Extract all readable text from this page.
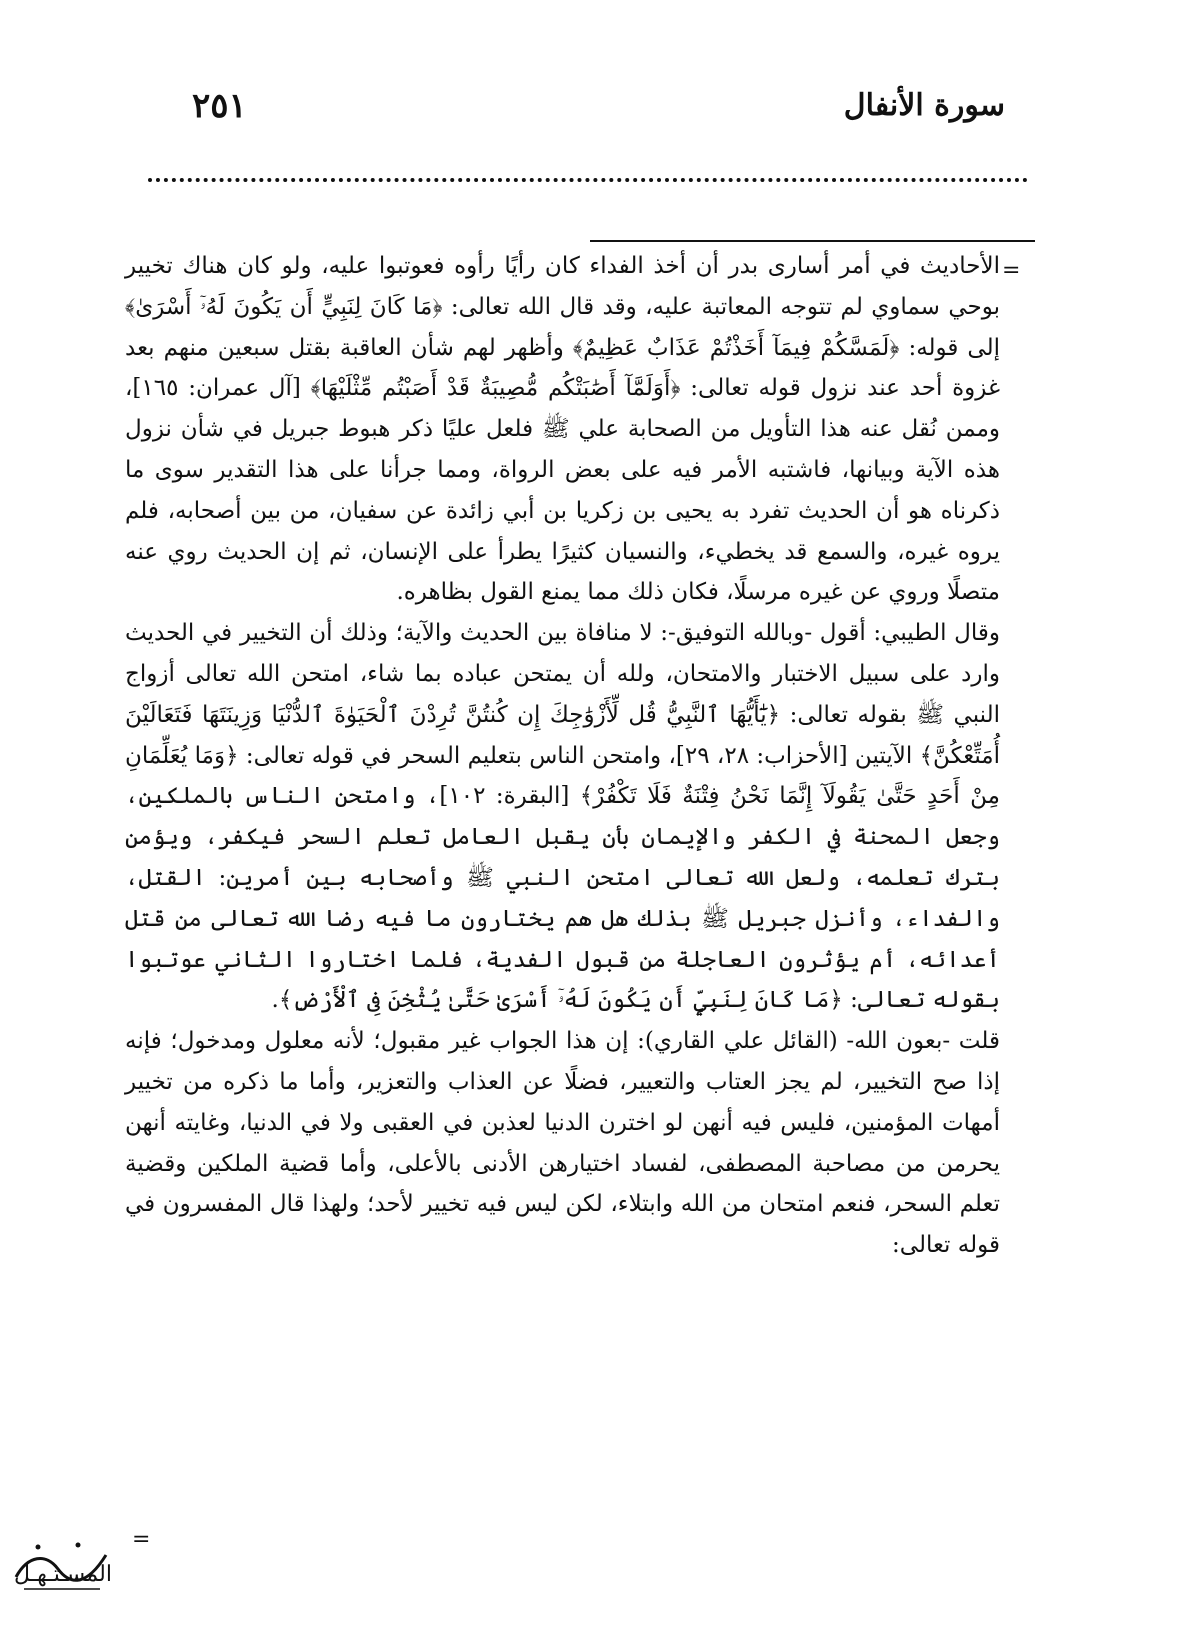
سورة الأنفال
٢٥١
=

الأحاديث في أمر أسارى بدر أن أخذ الفداء كان رأيًا رأوه فعوتبوا عليه، ولو كان هناك تخيير بوحي سماوي لم تتوجه المعاتبة عليه، وقد قال الله تعالى: ﴿مَا كَانَ لِنَبِيٍّ أَن يَكُونَ لَهُۥٓ أَسْرَىٰ﴾ إلى قوله: ﴿لَمَسَّكُمْ فِيمَآ أَخَذْتُمْ عَذَابٌ عَظِيمٌ﴾ وأظهر لهم شأن العاقبة بقتل سبعين منهم بعد غزوة أحد عند نزول قوله تعالى: ﴿أَوَلَمَّآ أَصَٰبَتْكُم مُّصِيبَةٌ قَدْ أَصَبْتُم مِّثْلَيْهَا﴾ [آل عمران: ١٦٥]، وممن نُقل عنه هذا التأويل من الصحابة علي ﷺ فلعل عليًا ذكر هبوط جبريل في شأن نزول هذه الآية وبيانها، فاشتبه الأمر فيه على بعض الرواة، ومما جرأنا على هذا التقدير سوى ما ذكرناه هو أن الحديث تفرد به يحيى بن زكريا بن أبي زائدة عن سفيان، من بين أصحابه، فلم يروه غيره، والسمع قد يخطيء، والنسيان كثيرًا يطرأ على الإنسان، ثم إن الحديث روي عنه متصلًا وروي عن غيره مرسلًا، فكان ذلك مما يمنع القول بظاهره.

وقال الطيبي: أقول -وبالله التوفيق-: لا منافاة بين الحديث والآية؛ وذلك أن التخيير في الحديث وارد على سبيل الاختبار والامتحان، ولله أن يمتحن عباده بما شاء، امتحن الله تعالى أزواج النبي ﷺ بقوله تعالى: ﴿يَٰٓأَيُّهَا ٱلنَّبِيُّ قُل لِّأَزْوَٰجِكَ إِن كُنتُنَّ تُرِدْنَ ٱلْحَيَوٰةَ ٱلدُّنْيَا وَزِينَتَهَا فَتَعَالَيْنَ أُمَتِّعْكُنَّ﴾ الآيتين [الأحزاب: ٢٨، ٢٩]، وامتحن الناس بتعليم السحر في قوله تعالى: ﴿وَمَا يُعَلِّمَانِ مِنْ أَحَدٍ حَتَّىٰ يَقُولَآ إِنَّمَا نَحْنُ فِتْنَةٌ فَلَا تَكْفُرْ﴾ [البقرة: ١٠٢]، وامتحن الناس بالملكين، وجعل المحنة في الكفر والإيمان بأن يقبل العامل تعلم السحر فيكفر، ويؤمن بترك تعلمه، ولعل الله تعالى امتحن النبي ﷺ وأصحابه بين أمرين: القتل، والفداء، وأنزل جبريل ﷺ بذلك هل هم يختارون ما فيه رضا الله تعالى من قتل أعدائه، أم يؤثرون العاجلة من قبول الفدية، فلما اختاروا الثاني عوتبوا بقوله تعالى: ﴿مَا كَانَ لِنَبِيٍّ أَن يَكُونَ لَهُۥٓ أَسْرَىٰ حَتَّىٰ يُثْخِنَ فِى ٱلْأَرْضِ﴾.

قلت -بعون الله- (القائل علي القاري): إن هذا الجواب غير مقبول؛ لأنه معلول ومدخول؛ فإنه إذا صح التخيير، لم يجز العتاب والتعيير، فضلًا عن العذاب والتعزير، وأما ما ذكره من تخيير أمهات المؤمنين، فليس فيه أنهن لو اخترن الدنيا لعذبن في العقبى ولا في الدنيا، وغايته أنهن يحرمن من مصاحبة المصطفى، لفساد اختيارهن الأدنى بالأعلى، وأما قضية الملكين وقضية تعلم السحر، فنعم امتحان من الله وابتلاء، لكن ليس فيه تخيير لأحد؛ ولهذا قال المفسرون في قوله تعالى:

=
المسـتـهـل
